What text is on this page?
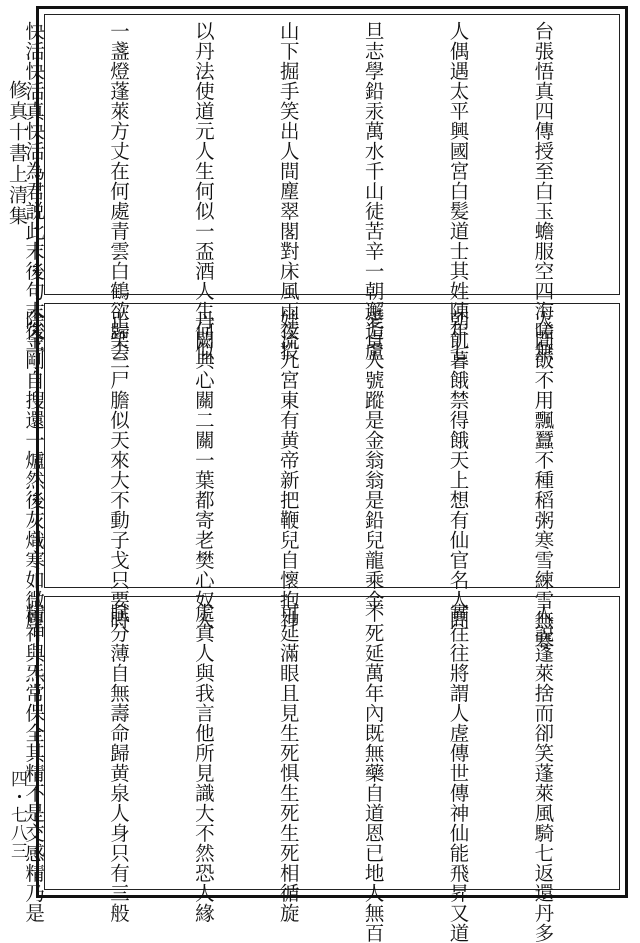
修真十書上清集
四・七八三

台張悟真四傳授至白玉蟾服空四海嗟無

人偶遇太平興國宮白髪道士其姓陳年七

旦志學鉛汞萬水千山徒苦辛一朝邂逅盧

山下掘手笑出人間塵翠閣對床風雨夜投

以丹法使道元人生何似一盃酒人生何似

一盞燈蓬萊方丈在何處青雲白鶴欲歸去

快活快活真快活為君説此末後句末後一

人間飯不用飄蠶不種稻粥寒雪練雪無寒

朝飢暮餓禁得餓天上想有仙官名人問

愛貞人號蹤是金翁翁是鉛兒龍乘金

娃流九宮東有黄帝新把鞭兒自懷抱神

丹闕典心關二關一葉都寄老樊心奴人

正笑三尸膽似天來大不動子戈只要時

除金剛自搜還一爐然後灰熾寒如微塵

人説蓬萊捨而卻笑蓬萊風騎七返還丹多

實往往將謂人虗傳世傳神仙能飛昇又道

不死延萬年內既無藥自道恩已地人無百

可延滿眼且見生死惧生死生死相循旋

處真人與我言他所見識大不然恐人緣

賦分薄自無壽命歸黄泉人身只有三般

精神與炁常保全其精不是交感精乃是
